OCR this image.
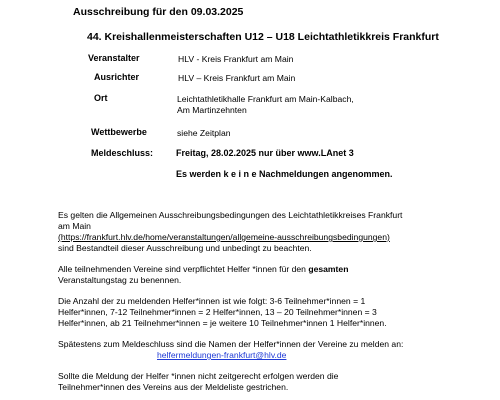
Ausschreibung für den 09.03.2025
44. Kreishallenmeisterschaften U12 – U18 Leichtathletikkreis Frankfurt
Veranstalter	HLV - Kreis Frankfurt am Main
Ausrichter	HLV – Kreis Frankfurt am Main
Ort	Leichtathletikhalle Frankfurt am Main-Kalbach,
Am Martinzehnten
Wettbewerbe	siehe Zeitplan
Meldeschluss:	Freitag, 28.02.2025 nur über www.LAnet 3
Es werden k e i n e Nachmeldungen angenommen.
Es gelten die Allgemeinen Ausschreibungsbedingungen des Leichtathletikkreises Frankfurt
am Main
(https://frankfurt.hlv.de/home/veranstaltungen/allgemeine-ausschreibungsbedingungen)
sind Bestandteil dieser Ausschreibung und unbedingt zu beachten.
Alle teilnehmenden Vereine sind verpflichtet Helfer *innen für den gesamten
Veranstaltungstag zu benennen.
Die Anzahl der zu meldenden Helfer*innen ist wie folgt: 3-6 Teilnehmer*innen = 1
Helfer*innen, 7-12 Teilnehmer*innen = 2 Helfer*innen, 13 – 20 Teilnehmer*innen = 3
Helfer*innen, ab 21 Teilnehmer*innen = je weitere 10 Teilnehmer*innen 1 Helfer*innen.
Spätestens zum Meldeschluss sind die Namen der Helfer*innen der Vereine zu melden an:
helfermeldungen-frankfurt@hlv.de
Sollte die Meldung der Helfer *innen nicht zeitgerecht erfolgen werden die
Teilnehmer*innen des Vereins aus der Meldeliste gestrichen.
